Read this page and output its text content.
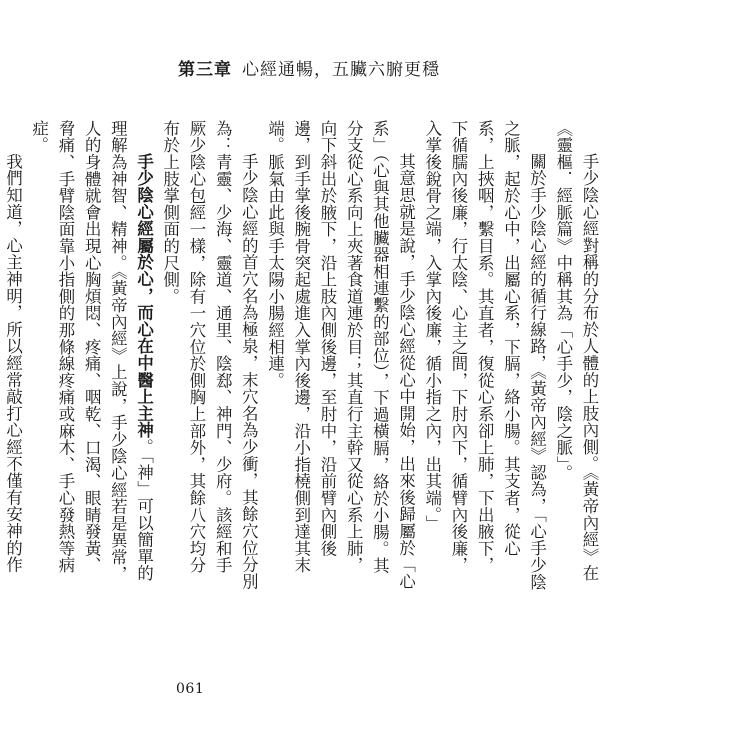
第三章 心經通暢，五臟六腑更穩

手少陰心經對稱的分布於人體的上肢內側。《黃帝內經》在《靈樞．經脈篇》中稱其為「心手少，陰之脈」。

關於手少陰心經的循行線路，《黃帝內經》認為，「心手少陰之脈，起於心中，出屬心系，下膈，絡小腸。其支者，從心系，上挾咽，繫目系。其直者，復從心系卻上肺，下出腋下，下循臑內後廉，行太陰、心主之間，下肘內下，循臂內後廉，入掌後銳骨之端，入掌內後廉，循小指之內，出其端。」

其意思就是說，手少陰心經從心中開始，出來後歸屬於「心系」（心與其他臟器相連繫的部位），下過橫膈，絡於小腸。其分支從心系向上夾著食道連於目；其直行主幹又從心系上肺，向下斜出於腋下，沿上肢內側後邊，至肘中，沿前臂內側後邊，到手掌後腕骨突起處進入掌內後邊，沿小指橈側到達其末端。脈氣由此與手太陽小腸經相連。

手少陰心經的首穴名為極泉，末穴名為少衝，其餘穴位分別為：青靈、少海、靈道、通里、陰郄、神門、少府。該經和手厥少陰心包經一樣，除有一穴位於側胸上部外，其餘八穴均分布於上肢掌側面的尺側。

手少陰心經屬於心，而心在中醫上主神。「神」可以簡單的理解為神智、精神。《黃帝內經》上說，手少陰心經若是異常，人的身體就會出現心胸煩悶、疼痛、咽乾、口渴、眼睛發黃、脅痛、手臂陰面靠小指側的那條線疼痛或麻木、手心發熱等病症。

我們知道，心主神明，所以經常敲打心經不僅有安神的作

061
